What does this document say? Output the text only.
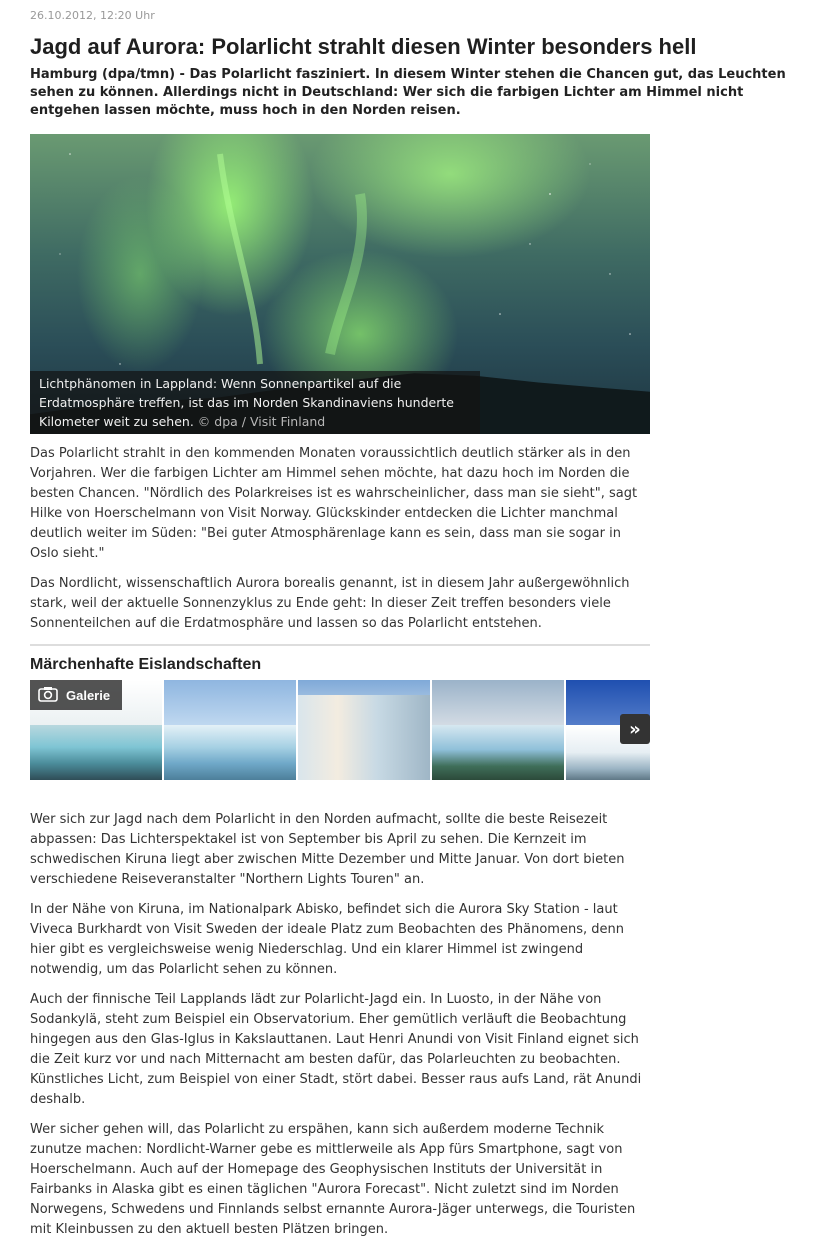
26.10.2012, 12:20 Uhr
Jagd auf Aurora: Polarlicht strahlt diesen Winter besonders hell

Hamburg (dpa/tmn) - Das Polarlicht fasziniert. In diesem Winter stehen die Chancen gut, das Leuchten sehen zu können. Allerdings nicht in Deutschland: Wer sich die farbigen Lichter am Himmel nicht entgehen lassen möchte, muss hoch in den Norden reisen.

Lichtphänomen in Lappland: Wenn Sonnenpartikel auf die Erdatmosphäre treffen, ist das im Norden Skandinaviens hunderte Kilometer weit zu sehen. © dpa / Visit Finland

Das Polarlicht strahlt in den kommenden Monaten voraussichtlich deutlich stärker als in den Vorjahren. Wer die farbigen Lichter am Himmel sehen möchte, hat dazu hoch im Norden die besten Chancen. "Nördlich des Polarkreises ist es wahrscheinlicher, dass man sie sieht", sagt Hilke von Hoerschelmann von Visit Norway. Glückskinder entdecken die Lichter manchmal deutlich weiter im Süden: "Bei guter Atmosphärenlage kann es sein, dass man sie sogar in Oslo sieht."

Das Nordlicht, wissenschaftlich Aurora borealis genannt, ist in diesem Jahr außergewöhnlich stark, weil der aktuelle Sonnenzyklus zu Ende geht: In dieser Zeit treffen besonders viele Sonnenteilchen auf die Erdatmosphäre und lassen so das Polarlicht entstehen.

Märchenhafte Eislandschaften
Galerie
»

Wer sich zur Jagd nach dem Polarlicht in den Norden aufmacht, sollte die beste Reisezeit abpassen: Das Lichterspektakel ist von September bis April zu sehen. Die Kernzeit im schwedischen Kiruna liegt aber zwischen Mitte Dezember und Mitte Januar. Von dort bieten verschiedene Reiseveranstalter "Northern Lights Touren" an.

In der Nähe von Kiruna, im Nationalpark Abisko, befindet sich die Aurora Sky Station - laut Viveca Burkhardt von Visit Sweden der ideale Platz zum Beobachten des Phänomens, denn hier gibt es vergleichsweise wenig Niederschlag. Und ein klarer Himmel ist zwingend notwendig, um das Polarlicht sehen zu können.

Auch der finnische Teil Lapplands lädt zur Polarlicht-Jagd ein. In Luosto, in der Nähe von Sodankylä, steht zum Beispiel ein Observatorium. Eher gemütlich verläuft die Beobachtung hingegen aus den Glas-Iglus in Kakslauttanen. Laut Henri Anundi von Visit Finland eignet sich die Zeit kurz vor und nach Mitternacht am besten dafür, das Polarleuchten zu beobachten. Künstliches Licht, zum Beispiel von einer Stadt, stört dabei. Besser raus aufs Land, rät Anundi deshalb.

Wer sicher gehen will, das Polarlicht zu erspähen, kann sich außerdem moderne Technik zunutze machen: Nordlicht-Warner gebe es mittlerweile als App fürs Smartphone, sagt von Hoerschelmann. Auch auf der Homepage des Geophysischen Instituts der Universität in Fairbanks in Alaska gibt es einen täglichen "Aurora Forecast". Nicht zuletzt sind im Norden Norwegens, Schwedens und Finnlands selbst ernannte Aurora-Jäger unterwegs, die Touristen mit Kleinbussen zu den aktuell besten Plätzen bringen.
